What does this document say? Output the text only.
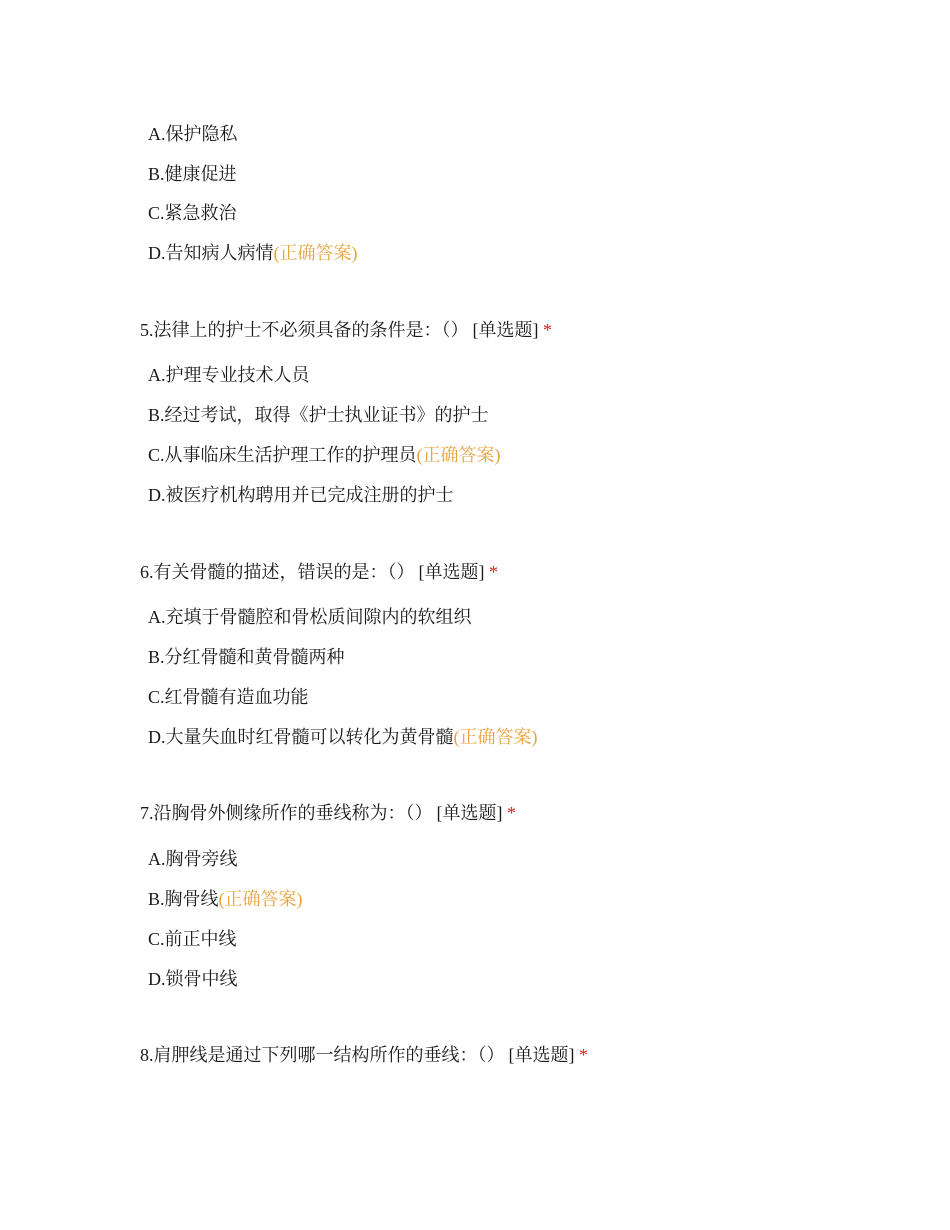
A.保护隐私
B.健康促进
C.紧急救治
D.告知病人病情(正确答案)
5.法律上的护士不必须具备的条件是：（） [单选题] *
A.护理专业技术人员
B.经过考试，取得《护士执业证书》的护士
C.从事临床生活护理工作的护理员(正确答案)
D.被医疗机构聘用并已完成注册的护士
6.有关骨髓的描述，错误的是：（） [单选题] *
A.充填于骨髓腔和骨松质间隙内的软组织
B.分红骨髓和黄骨髓两种
C.红骨髓有造血功能
D.大量失血时红骨髓可以转化为黄骨髓(正确答案)
7.沿胸骨外侧缘所作的垂线称为：（） [单选题] *
A.胸骨旁线
B.胸骨线(正确答案)
C.前正中线
D.锁骨中线
8.肩胛线是通过下列哪一结构所作的垂线：（） [单选题] *
